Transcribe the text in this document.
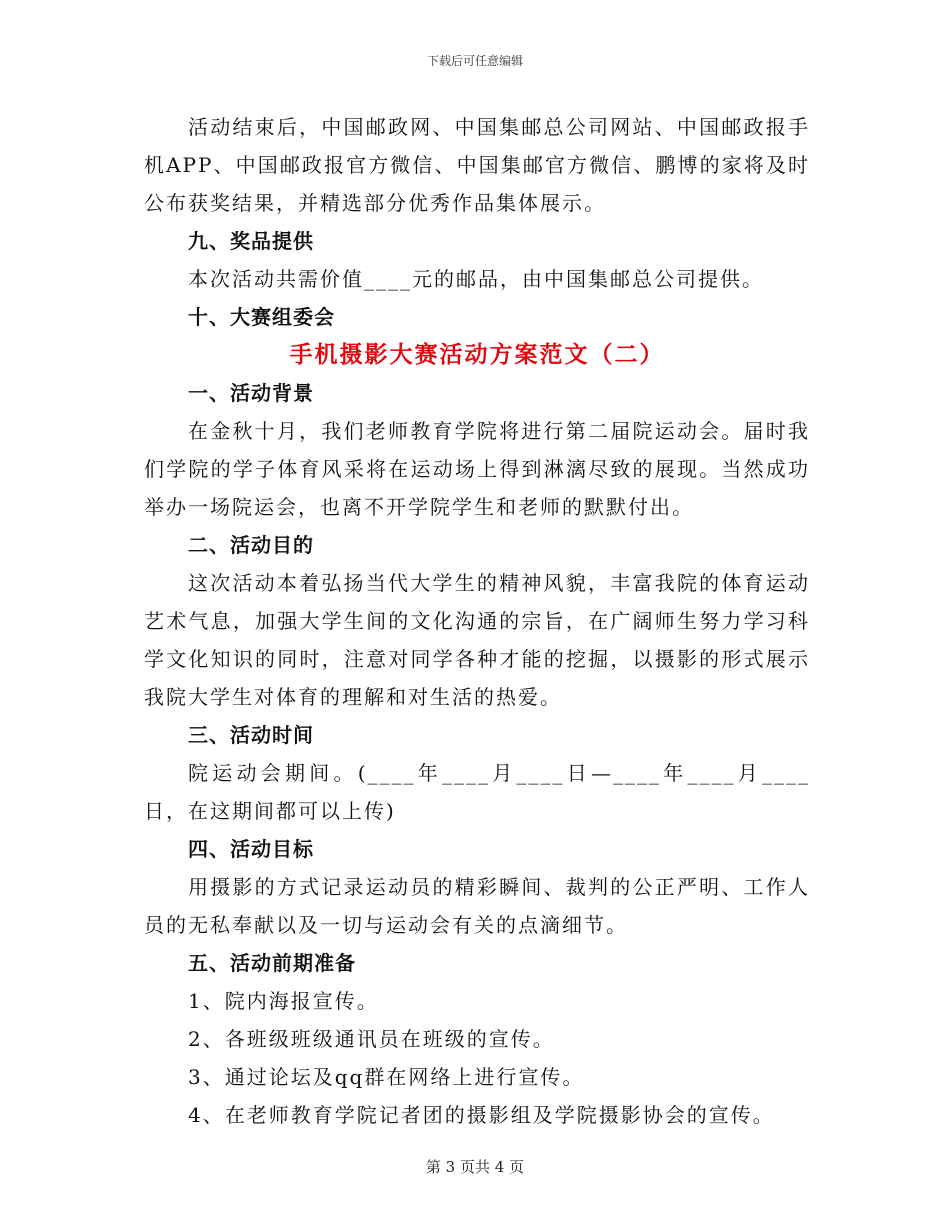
下载后可任意编辑

活动结束后，中国邮政网、中国集邮总公司网站、中国邮政报手机APP、中国邮政报官方微信、中国集邮官方微信、鹏博的家将及时公布获奖结果，并精选部分优秀作品集体展示。

九、奖品提供

本次活动共需价值____元的邮品，由中国集邮总公司提供。

十、大赛组委会

手机摄影大赛活动方案范文（二）

一、活动背景

在金秋十月，我们老师教育学院将进行第二届院运动会。届时我们学院的学子体育风采将在运动场上得到淋漓尽致的展现。当然成功举办一场院运会，也离不开学院学生和老师的默默付出。

二、活动目的

这次活动本着弘扬当代大学生的精神风貌，丰富我院的体育运动艺术气息，加强大学生间的文化沟通的宗旨，在广阔师生努力学习科学文化知识的同时，注意对同学各种才能的挖掘，以摄影的形式展示我院大学生对体育的理解和对生活的热爱。

三、活动时间

院运动会期间。(____年____月____日—____年____月____日，在这期间都可以上传)

四、活动目标

用摄影的方式记录运动员的精彩瞬间、裁判的公正严明、工作人员的无私奉献以及一切与运动会有关的点滴细节。

五、活动前期准备

1、院内海报宣传。

2、各班级班级通讯员在班级的宣传。

3、通过论坛及qq群在网络上进行宣传。

4、在老师教育学院记者团的摄影组及学院摄影协会的宣传。

第 3 页共 4 页
